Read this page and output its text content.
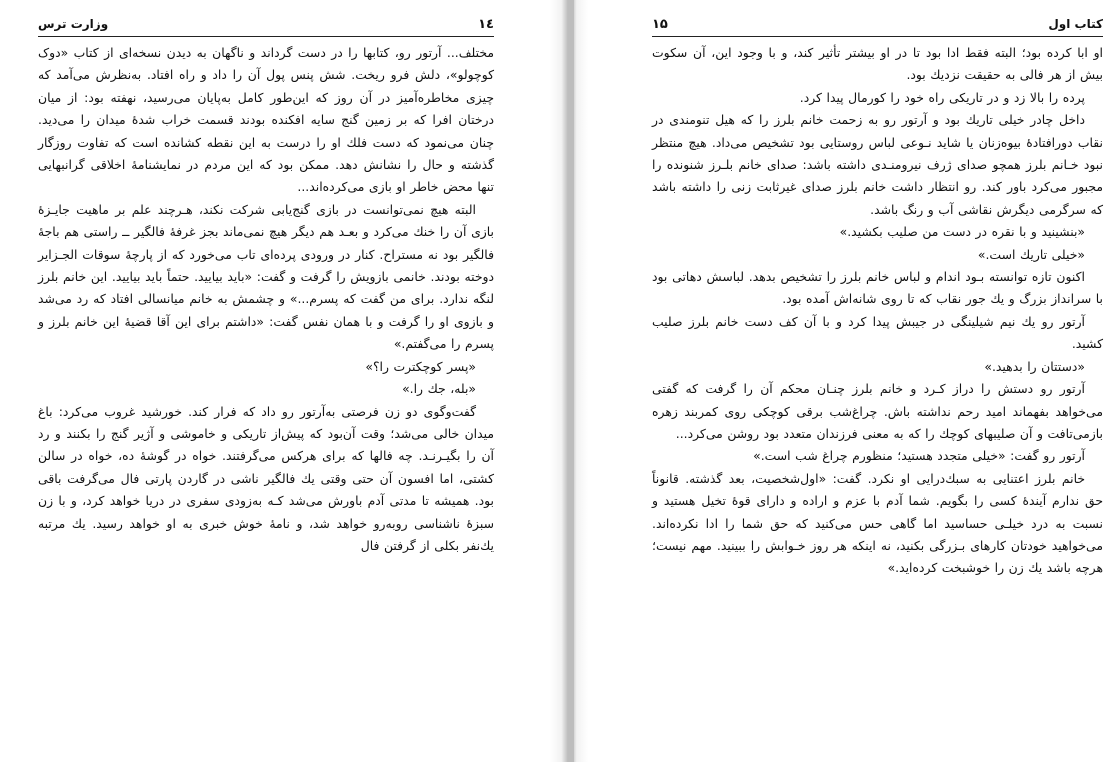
۱٤
وزارت ترس

مختلف... آرتور رو، کتابها را در دست گرداند و ناگهان به دیدن نسخه‌ای از کتاب «دوک کوچولو»، دلش فرو ریخت. شش پنس پول آن را داد و راه افتاد. به‌نظرش می‌آمد که چیزی مخاطره‌آمیز در آن روز که این‌طور کامل به‌پایان می‌رسید، نهفته بود: از میان درختان افرا که بر زمین گنج سایه افکنده بودند قسمت خراب شدهٔ میدان را می‌دید. چنان می‌نمود که دست فلك او را درست به این نقطه کشانده است که تفاوت روزگار گذشته و حال را نشانش دهد. ممکن بود که این مردم در نمایشنامهٔ اخلاقی گرانبهایی تنها محض خاطر او بازی می‌کرده‌اند...

البته هیچ نمی‌توانست در بازی گنج‌یابی شرکت نکند، هـرچند علم بر ماهیت جایـزهٔ بازی آن را خنك می‌کرد و بعـد هم دیگر هیچ نمی‌ماند بجز غرفهٔ فالگیر ــ راستی هم باجهٔ فالگیر بود نه مستراح. کنار در ورودی پرده‌ای تاب می‌خورد که از پارچهٔ سوقات الجـزایر دوخته بودند. خانمی بازویش را گرفت و گفت: «باید بیایید. حتماً باید بیایید. این خانم بلرز لنگه ندارد. برای من گفت که پسرم...» و چشمش به خانم میانسالی افتاد که رد می‌شد و بازوی او را گرفت و با همان نفس گفت: «داشتم برای این آقا قضیهٔ این خانم بلرز و پسرم را می‌گفتم.»

«پسر کوچکترت را؟»

«بله، جك را.»

گفت‌وگوی دو زن فرصتی به‌آرتور رو داد که فرار کند. خورشید غروب می‌کرد: باغ میدان خالی می‌شد؛ وقت آن‌بود که پیش‌از تاریکی و خاموشی و آژیر گنج را بکنند و رد آن را بگیـرنـد. چه فالها که برای هرکس می‌گرفتند. خواه در گوشهٔ ده، خواه در سالن کشتی، اما افسون آن حتی وقتی یك فالگیر ناشی در گاردن پارتی فال می‌گرفت باقی بود. همیشه تا مدتی آدم باورش می‌شد کـه به‌زودی سفری در دریا خواهد کرد، و با زن سبزهٔ ناشناسی روبه‌رو خواهد شد، و نامهٔ خوش خبری به او خواهد رسید. یك مرتبه یك‌نفر بکلی از گرفتن فال

کتاب اول
۱۵

او ابا کرده بود؛ البته فقط ادا بود تا در او بیشتر تأثیر کند، و با وجود این، آن سکوت بیش از هر فالی به حقیقت نزدیك بود.

پرده را بالا زد و در تاریکی راه خود را کورمال پیدا کرد.

داخل چادر خیلی تاریك بود و آرتور رو به زحمت خانم بلرز را که هیل تنومندی در نقاب دورافتادهٔ بیوه‌زنان یا شاید نـوعی لباس روستایی بود تشخیص می‌داد. هیچ منتظر نبود خـانم بلرز همچو صدای ژرف نیرومنـدی داشته باشد: صدای خانم بلـرز شنونده را مجبور می‌کرد باور کند. رو انتظار داشت خانم بلرز صدای غیرثابت زنی را داشته باشد که سرگرمی دیگرش نقاشی آب و رنگ باشد.

«بنشینید و با نقره در دست من صلیب بکشید.»

«خیلی تاریك است.»

اکنون تازه توانسته بـود اندام و لباس خانم بلرز را تشخیص بدهد. لباسش دهاتی بود با سرانداز بزرگ و یك جور نقاب که تا روی شانه‌اش آمده بود.

آرتور رو یك نیم شیلینگی در جیبش پیدا کرد و با آن کف دست خانم بلرز صلیب کشید.

«دستتان را بدهید.»

آرتور رو دستش را دراز کـرد و خانم بلرز چنـان محکم آن را گرفت که گفتی می‌خواهد بفهماند امید رحم نداشته باش. چراغ‌شب برقی کوچکی روی کمربند زهره بازمی‌تافت و آن صلیبهای کوچك را که به معنی فرزندان متعدد بود روشن می‌کرد...

آرتور رو گفت: «خیلی متجدد هستید؛ منظورم چراغ شب است.»

خانم بلرز اعتنایی به سبك‌درایی او نکرد. گفت: «اول‌شخصیت، بعد گذشته. قانوناً حق ندارم آیندهٔ کسی را بگویم. شما آدم با عزم و اراده و دارای قوهٔ تخیل هستید و نسبت به درد خیلـی حساسید اما گاهی حس می‌کنید که حق شما را ادا نکرده‌اند. می‌خواهید خودتان کارهای بـزرگی بکنید، نه اینکه هر روز خـوابش را ببینید. مهم نیست؛ هرچه باشد یك زن را خوشبخت کرده‌اید.»
